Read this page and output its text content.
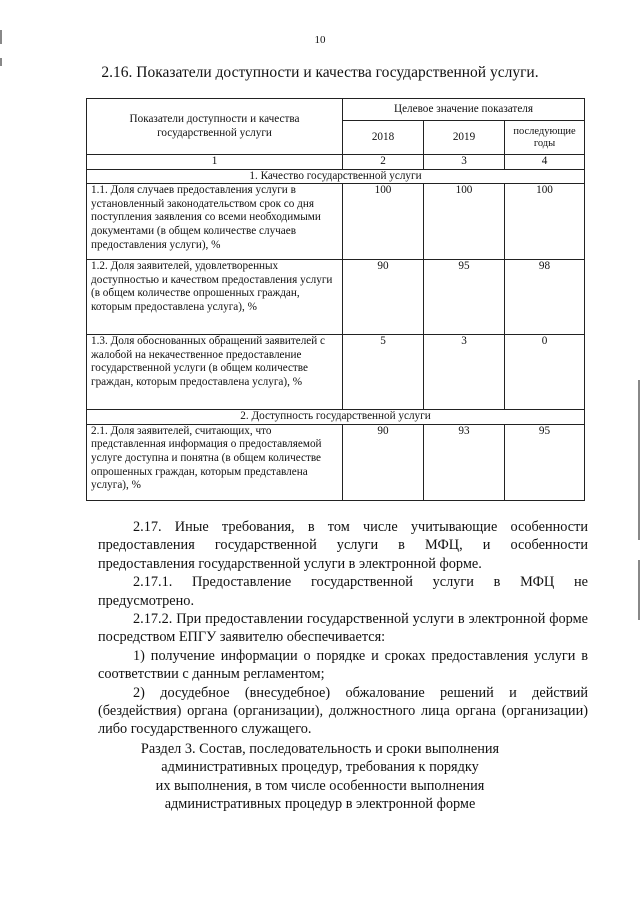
10
2.16. Показатели доступности и качества государственной услуги.
Показатели доступности и качества государственной услуги	Целевое значение показателя		
	2018	2019	последующие годы
1	2	3	4
1. Качество государственной услуги			
1.1. Доля случаев предоставления услуги в установленный законодательством срок со дня поступления заявления со всеми необходимыми документами (в общем количестве случаев предоставления услуги), %	100	100	100
1.2. Доля заявителей, удовлетворенных доступностью и качеством предоставления услуги (в общем количестве опрошенных граждан, которым предоставлена услуга), %	90	95	98
1.3. Доля обоснованных обращений заявителей с жалобой на некачественное предоставление государственной услуги (в общем количестве граждан, которым предоставлена услуга), %	5	3	0
2. Доступность государственной услуги			
2.1. Доля заявителей, считающих, что представленная информация о предоставляемой услуге доступна и понятна (в общем количестве опрошенных граждан, которым представлена услуга), %	90	93	95

2.17. Иные требования, в том числе учитывающие особенности предоставления государственной услуги в МФЦ, и особенности предоставления государственной услуги в электронной форме.

2.17.1. Предоставление государственной услуги в МФЦ не предусмотрено.

2.17.2. При предоставлении государственной услуги в электронной форме посредством ЕПГУ заявителю обеспечивается:

1) получение информации о порядке и сроках предоставления услуги в соответствии с данным регламентом;

2) досудебное (внесудебное) обжалование решений и действий (бездействия) органа (организации), должностного лица органа (организации) либо государственного служащего.

Раздел 3. Состав, последовательность и сроки выполнения
административных процедур, требования к порядку
их выполнения, в том числе особенности выполнения
административных процедур в электронной форме
